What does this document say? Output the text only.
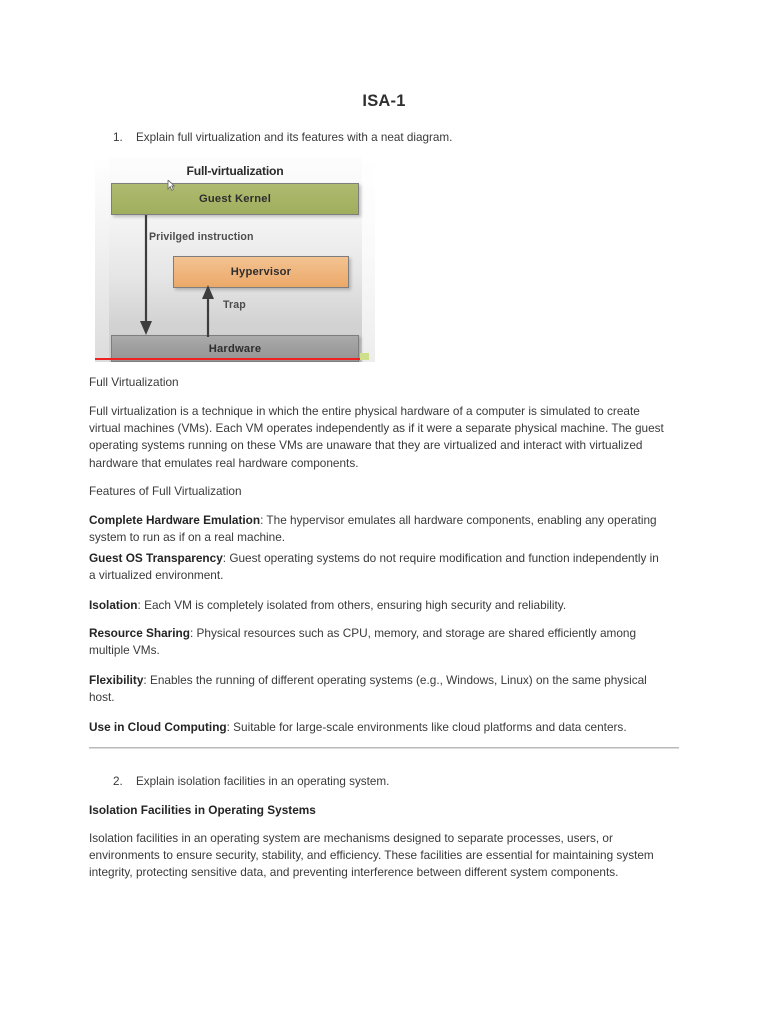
ISA-1
1.	Explain full virtualization and its features with a neat diagram.
Full-virtualization
Guest Kernel
Privilged instruction
Hypervisor
Trap
Hardware
Full Virtualization
Full virtualization is a technique in which the entire physical hardware of a computer is simulated to create virtual machines (VMs). Each VM operates independently as if it were a separate physical machine. The guest operating systems running on these VMs are unaware that they are virtualized and interact with virtualized hardware that emulates real hardware components.
Features of Full Virtualization
Complete Hardware Emulation: The hypervisor emulates all hardware components, enabling any operating system to run as if on a real machine.
Guest OS Transparency: Guest operating systems do not require modification and function independently in a virtualized environment.
Isolation: Each VM is completely isolated from others, ensuring high security and reliability.
Resource Sharing: Physical resources such as CPU, memory, and storage are shared efficiently among multiple VMs.
Flexibility: Enables the running of different operating systems (e.g., Windows, Linux) on the same physical host.
Use in Cloud Computing: Suitable for large-scale environments like cloud platforms and data centers.
2.	Explain isolation facilities in an operating system.
Isolation Facilities in Operating Systems
Isolation facilities in an operating system are mechanisms designed to separate processes, users, or environments to ensure security, stability, and efficiency. These facilities are essential for maintaining system integrity, protecting sensitive data, and preventing interference between different system components.
